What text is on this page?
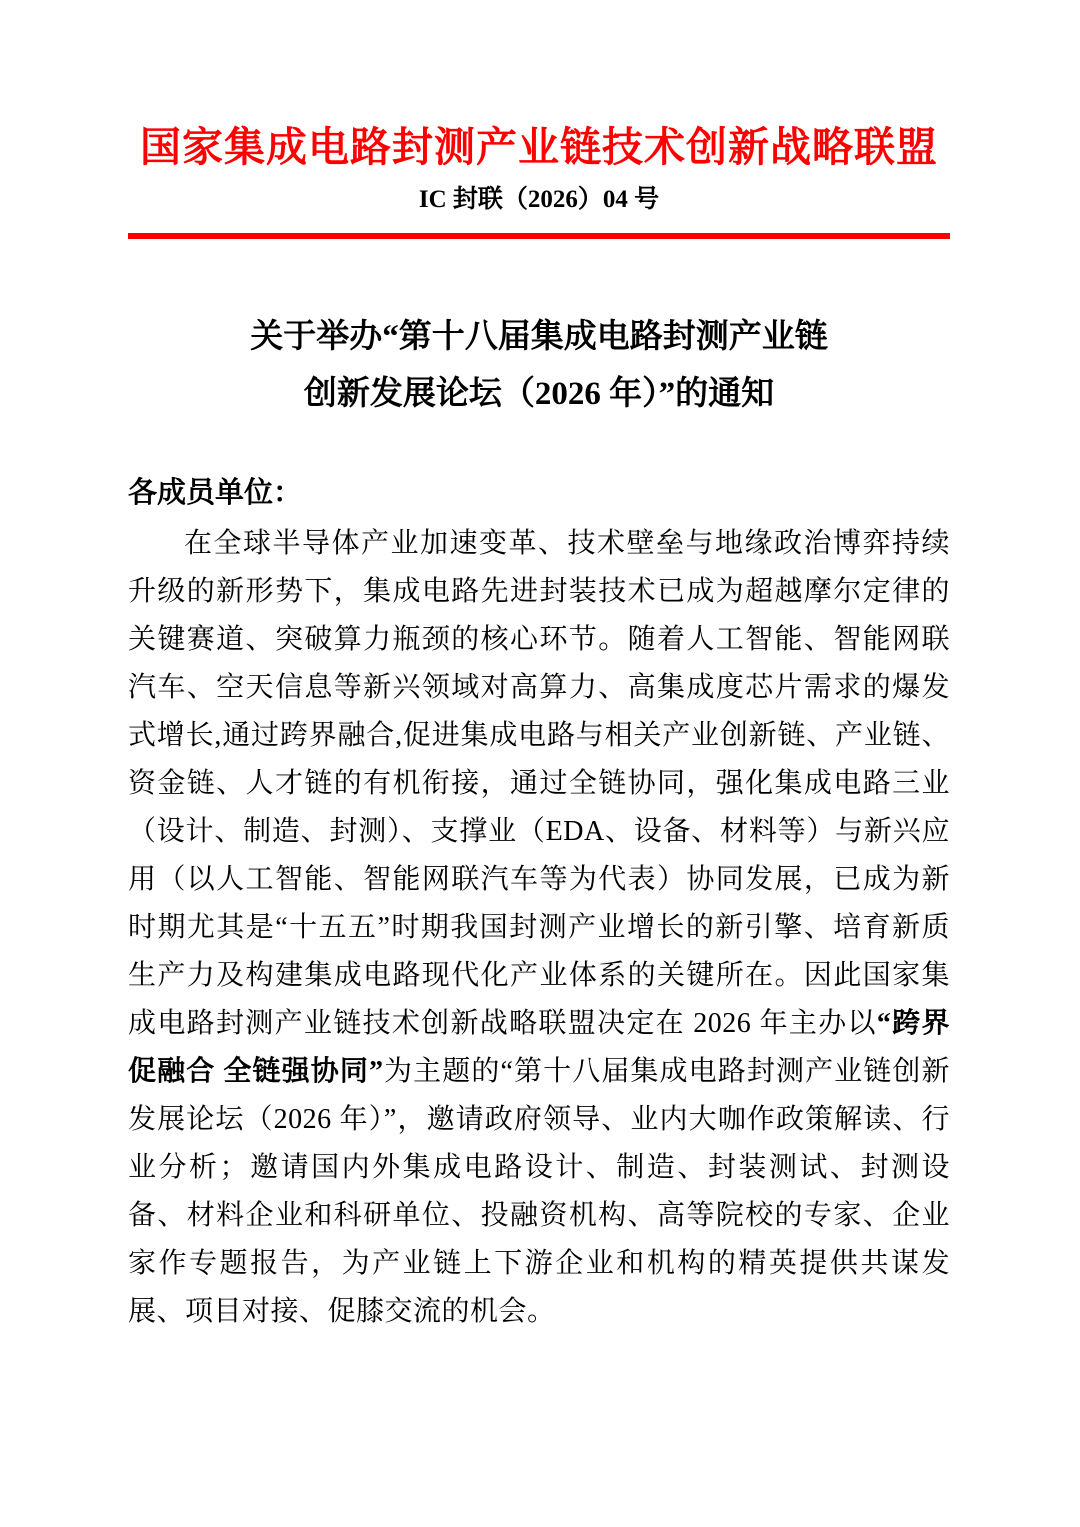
国家集成电路封测产业链技术创新战略联盟
IC 封联（2026）04 号
关于举办“第十八届集成电路封测产业链
创新发展论坛（2026 年）”的通知
各成员单位：

在全球半导体产业加速变革、技术壁垒与地缘政治博弈持续升级的新形势下，集成电路先进封装技术已成为超越摩尔定律的关键赛道、突破算力瓶颈的核心环节。随着人工智能、智能网联汽车、空天信息等新兴领域对高算力、高集成度芯片需求的爆发式增长,通过跨界融合,促进集成电路与相关产业创新链、产业链、资金链、人才链的有机衔接，通过全链协同，强化集成电路三业（设计、制造、封测）、支撑业（EDA、设备、材料等）与新兴应用（以人工智能、智能网联汽车等为代表）协同发展，已成为新时期尤其是“十五五”时期我国封测产业增长的新引擎、培育新质生产力及构建集成电路现代化产业体系的关键所在。因此国家集成电路封测产业链技术创新战略联盟决定在 2026 年主办以“跨界促融合 全链强协同”为主题的“第十八届集成电路封测产业链创新发展论坛（2026 年）”，邀请政府领导、业内大咖作政策解读、行业分析；邀请国内外集成电路设计、制造、封装测试、封测设备、材料企业和科研单位、投融资机构、高等院校的专家、企业家作专题报告，为产业链上下游企业和机构的精英提供共谋发展、项目对接、促膝交流的机会。
